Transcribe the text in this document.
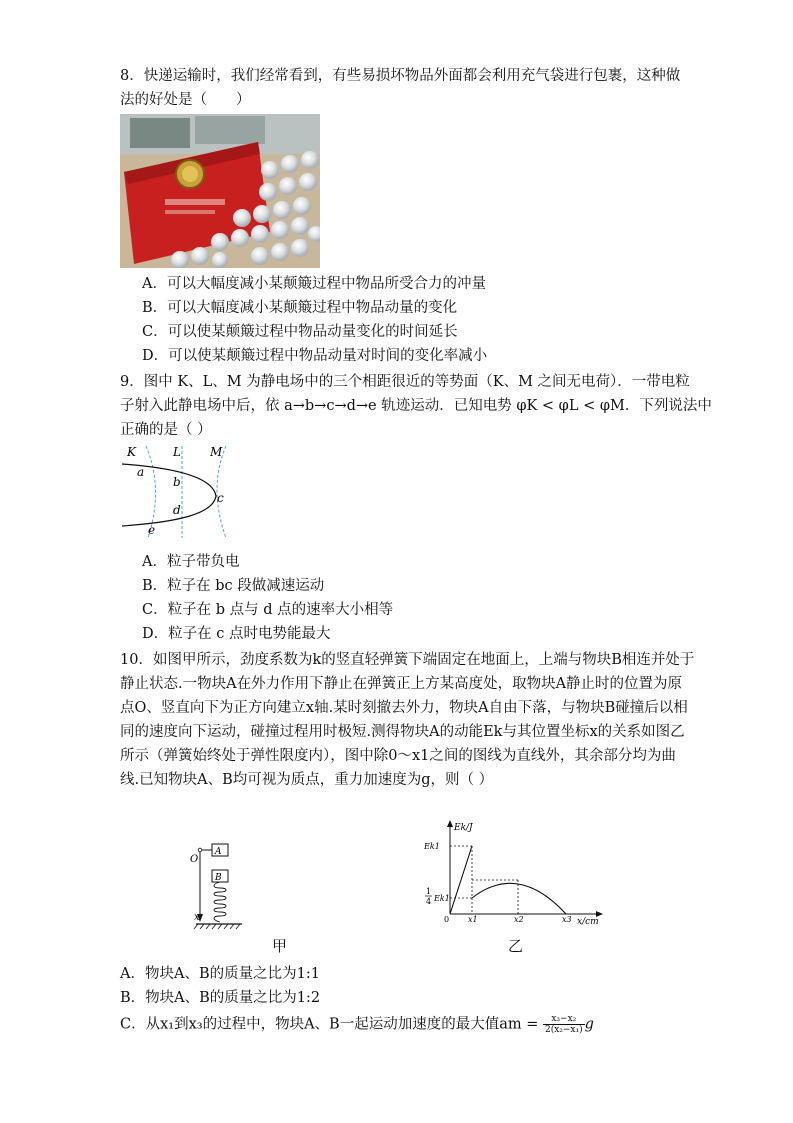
8．快递运输时，我们经常看到，有些易损坏物品外面都会利用充气袋进行包裹，这种做
法的好处是（　　）
A．可以大幅度减小某颠簸过程中物品所受合力的冲量
B．可以大幅度减小某颠簸过程中物品动量的变化
C．可以使某颠簸过程中物品动量变化的时间延长
D．可以使某颠簸过程中物品动量对时间的变化率减小
9．图中 K、L、M 为静电场中的三个相距很近的等势面（K、M 之间无电荷）．一带电粒
子射入此静电场中后，依 a→b→c→d→e 轨迹运动．已知电势 φK < φL < φM．下列说法中
正确的是（ ）
K	L M
a
b
c
d
e
A．粒子带负电
B．粒子在 bc 段做减速运动
C．粒子在 b 点与 d 点的速率大小相等
D．粒子在 c 点时电势能最大
10．如图甲所示，劲度系数为k的竖直轻弹簧下端固定在地面上，上端与物块B相连并处于
静止状态.一物块A在外力作用下静止在弹簧正上方某高度处，取物块A静止时的位置为原
点O、竖直向下为正方向建立x轴.某时刻撤去外力，物块A自由下落，与物块B碰撞后以相
同的速度向下运动，碰撞过程用时极短.测得物块A的动能Ek与其位置坐标x的关系如图乙
所示（弹簧始终处于弹性限度内），图中除0～x1之间的图线为直线外，其余部分均为曲
线.已知物块A、B均可视为质点，重力加速度为g，则（ ）
O
x
A
B
甲
Ek/J
x/cm
Ek1
1
4 Ek1
0 x1	x2	x3
乙
A．物块A、B的质量之比为1:1
B．物块A、B的质量之比为1:2
C．从x₁到x₃的过程中，物块A、B一起运动加速度的最大值am = $\frac{\text{x₃−x₂}}{\text{2(x₂−x₁)}}$ g
